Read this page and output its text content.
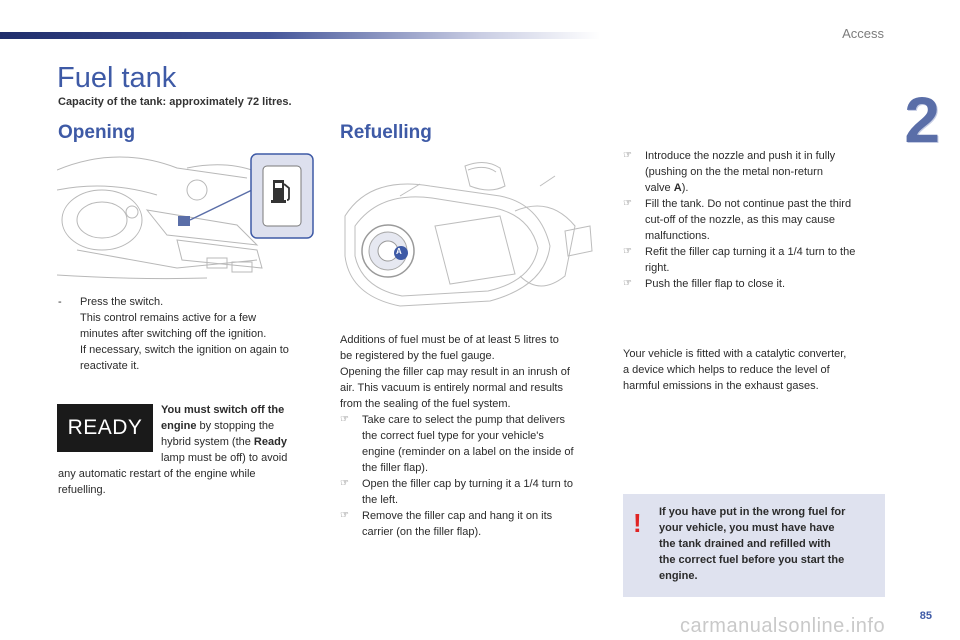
Access
2
Fuel tank
Capacity of the tank: approximately 72 litres.
Opening
- Press the switch.
This control remains active for a few
minutes after switching off the ignition.
If necessary, switch the ignition on again to
reactivate it.
READY
You must switch off the
engine by stopping the
hybrid system (the Ready
lamp must be off) to avoid
any automatic restart of the engine while
refuelling.
Refuelling
A
Additions of fuel must be of at least 5 litres to
be registered by the fuel gauge.
Opening the filler cap may result in an inrush of
air. This vacuum is entirely normal and results
from the sealing of the fuel system.
☞ Take care to select the pump that delivers
the correct fuel type for your vehicle's
engine (reminder on a label on the inside of
the filler flap).
☞ Open the filler cap by turning it a 1/4 turn to
the left.
☞ Remove the filler cap and hang it on its
carrier (on the filler flap).
☞ Introduce the nozzle and push it in fully
(pushing on the the metal non-return
valve A).
☞ Fill the tank. Do not continue past the third
cut-off of the nozzle, as this may cause
malfunctions.
☞ Refit the filler cap turning it a 1/4 turn to the
right.
☞ Push the filler flap to close it.
Your vehicle is fitted with a catalytic converter,
a device which helps to reduce the level of
harmful emissions in the exhaust gases.
! If you have put in the wrong fuel for
your vehicle, you must have have
the tank drained and refilled with
the correct fuel before you start the
engine.
carmanualsonline.info	85
